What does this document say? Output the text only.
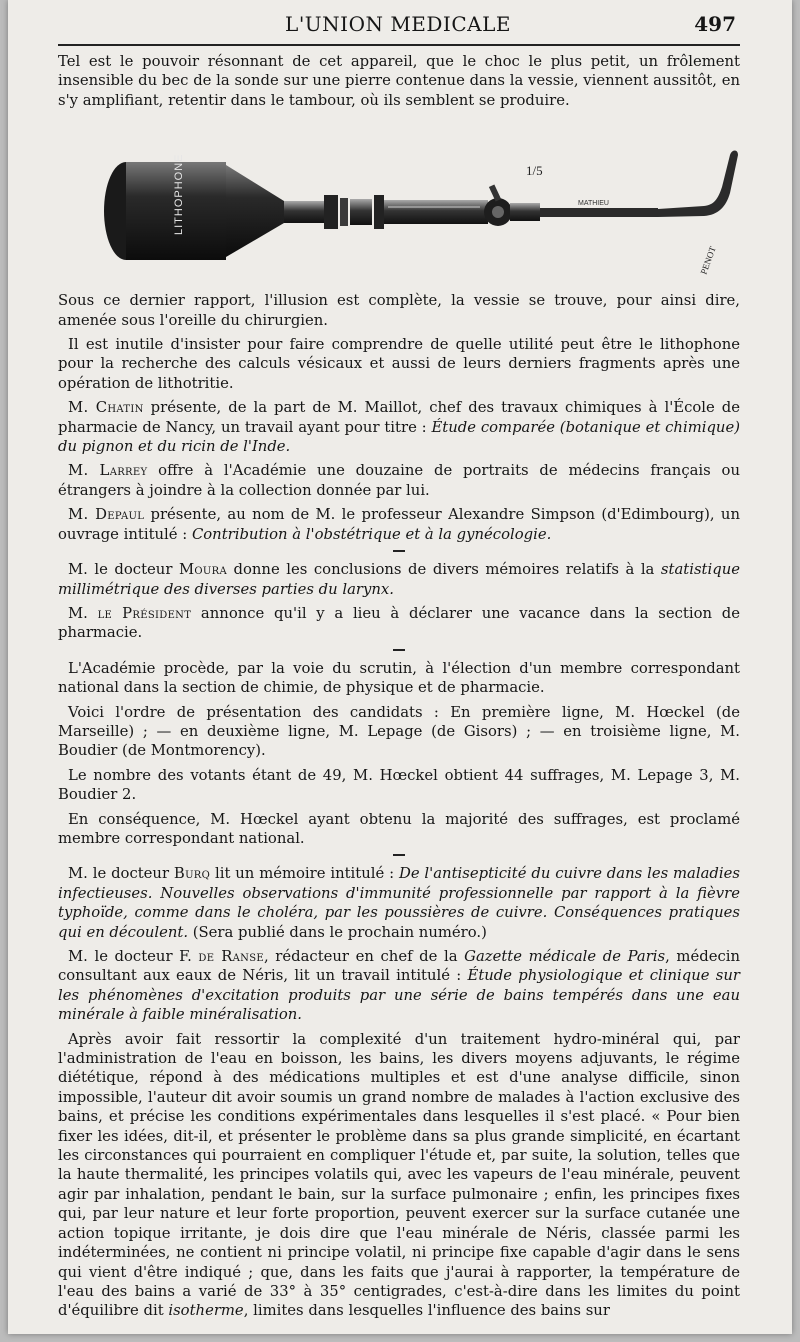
L'UNION MEDICALE	497

Tel est le pouvoir résonnant de cet appareil, que le choc le plus petit, un frôlement insensible du bec de la sonde sur une pierre contenue dans la vessie, viennent aussitôt, en s'y amplifiant, retentir dans le tambour, où ils semblent se produire.

LITHOPHONE	MATHIEU
PENOT
1/5

Sous ce dernier rapport, l'illusion est complète, la vessie se trouve, pour ainsi dire, amenée sous l'oreille du chirurgien.

Il est inutile d'insister pour faire comprendre de quelle utilité peut être le lithophone pour la recherche des calculs vésicaux et aussi de leurs derniers fragments après une opération de lithotritie.

M. Chatin présente, de la part de M. Maillot, chef des travaux chimiques à l'École de pharmacie de Nancy, un travail ayant pour titre : Étude comparée (botanique et chimique) du pignon et du ricin de l'Inde.

M. Larrey offre à l'Académie une douzaine de portraits de médecins français ou étrangers à joindre à la collection donnée par lui.

M. Depaul présente, au nom de M. le professeur Alexandre Simpson (d'Edimbourg), un ouvrage intitulé : Contribution à l'obstétrique et à la gynécologie.

M. le docteur Moura donne les conclusions de divers mémoires relatifs à la statistique millimétrique des diverses parties du larynx.

M. le Président annonce qu'il y a lieu à déclarer une vacance dans la section de pharmacie.

L'Académie procède, par la voie du scrutin, à l'élection d'un membre correspondant national dans la section de chimie, de physique et de pharmacie.

Voici l'ordre de présentation des candidats : En première ligne, M. Hœckel (de Marseille) ; — en deuxième ligne, M. Lepage (de Gisors) ; — en troisième ligne, M. Boudier (de Montmorency).

Le nombre des votants étant de 49, M. Hœckel obtient 44 suffrages, M. Lepage 3, M. Boudier 2.

En conséquence, M. Hœckel ayant obtenu la majorité des suffrages, est proclamé membre correspondant national.

M. le docteur Burq lit un mémoire intitulé : De l'antisepticité du cuivre dans les maladies infectieuses. Nouvelles observations d'immunité professionnelle par rapport à la fièvre typhoïde, comme dans le choléra, par les poussières de cuivre. Conséquences pratiques qui en découlent. (Sera publié dans le prochain numéro.)

M. le docteur F. de Ranse, rédacteur en chef de la Gazette médicale de Paris, médecin consultant aux eaux de Néris, lit un travail intitulé : Étude physiologique et clinique sur les phénomènes d'excitation produits par une série de bains tempérés dans une eau minérale à faible minéralisation.

Après avoir fait ressortir la complexité d'un traitement hydro-minéral qui, par l'administration de l'eau en boisson, les bains, les divers moyens adjuvants, le régime diététique, répond à des médications multiples et est d'une analyse difficile, sinon impossible, l'auteur dit avoir soumis un grand nombre de malades à l'action exclusive des bains, et précise les conditions expérimentales dans lesquelles il s'est placé. « Pour bien fixer les idées, dit-il, et présenter le problème dans sa plus grande simplicité, en écartant les circonstances qui pourraient en compliquer l'étude et, par suite, la solution, telles que la haute thermalité, les principes volatils qui, avec les vapeurs de l'eau minérale, peuvent agir par inhalation, pendant le bain, sur la surface pulmonaire ; enfin, les principes fixes qui, par leur nature et leur forte proportion, peuvent exercer sur la surface cutanée une action topique irritante, je dois dire que l'eau minérale de Néris, classée parmi les indéterminées, ne contient ni principe volatil, ni principe fixe capable d'agir dans le sens qui vient d'être indiqué ; que, dans les faits que j'aurai à rapporter, la température de l'eau des bains a varié de 33° à 35° centigrades, c'est-à-dire dans les limites du point d'équilibre dit isotherme, limites dans lesquelles l'influence des bains sur
